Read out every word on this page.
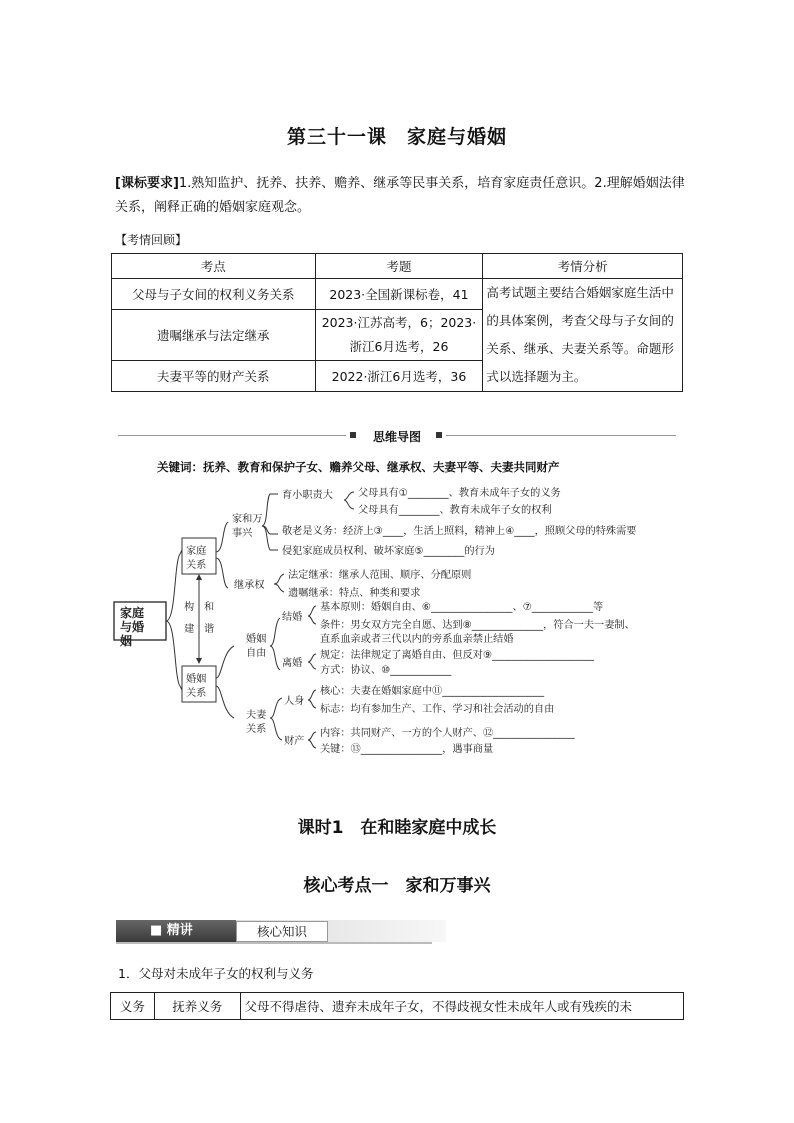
第三十一课　家庭与婚姻
[课标要求]1.熟知监护、抚养、扶养、赡养、继承等民事关系，培育家庭责任意识。2.理解婚姻法律关系，阐释正确的婚姻家庭观念。
【考情回顾】
考点	考题	考情分析
父母与子女间的权利义务关系	2023·全国新课标卷，41	高考试题主要结合婚姻家庭生活中的具体案例，考查父母与子女间的关系、继承、夫妻关系等。命题形式以选择题为主。
遗嘱继承与法定继承	2023·江苏高考，6；2023·浙江6月选考，26	
夫妻平等的财产关系	2022·浙江6月选考，36	
思维导图
关键词：抚养、教育和保护子女、赡养父母、继承权、夫妻平等、夫妻共同财产
家庭与婚姻
家庭关系
婚姻关系
构建
和谐
家和万事兴
育小职责大 父母具有①________、教育未成年子女的义务
父母具有________、教育未成年子女的权利
敬老是义务：经济上③____，生活上照料，精神上④____，照顾父母的特殊需要
侵犯家庭成员权利、破坏家庭⑤________的行为
继承权
法定继承：继承人范围、顺序、分配原则
遗嘱继承：特点、种类和要求
婚姻自由
结婚
基本原则：婚姻自由、⑥________________、⑦____________等
条件：男女双方完全自愿、达到⑧______________，符合一夫一妻制、
直系血亲或者三代以内的旁系血亲禁止结婚
离婚
规定：法律规定了离婚自由、但反对⑨____________________
方式：协议、⑩____________
夫妻关系
人身
核心：夫妻在婚姻家庭中⑪____________________
标志：均有参加生产、工作、学习和社会活动的自由
财产
内容：共同财产、一方的个人财产、⑫________________
关键：⑬________________，遇事商量
课时1　在和睦家庭中成长
核心考点一　家和万事兴
■ 精讲	核心知识
1．父母对未成年子女的权利与义务
义务	抚养义务	父母不得虐待、遗弃未成年子女，不得歧视女性未成年人或有残疾的未
